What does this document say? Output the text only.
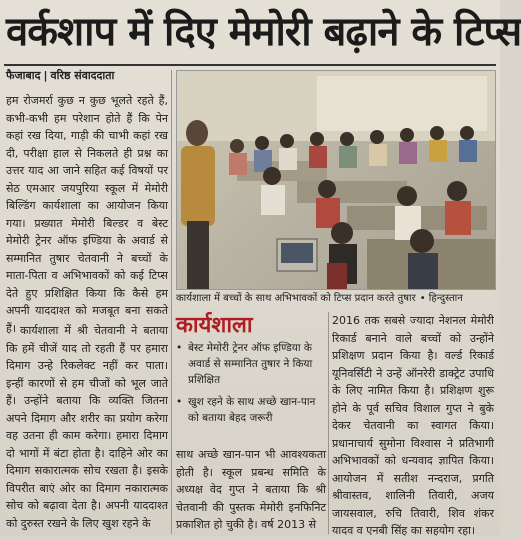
वर्कशाप में दिए मेमोरी बढ़ाने के टिप्स
फैजाबाद | वरिष्ठ संवाददाता

हम रोजमर्रा कुछ न कुछ भूलते रहते हैं, कभी-कभी हम परेशान होते हैं कि पेन कहां रख दिया, गाड़ी की चाभी कहां रख दी, परीक्षा हाल से निकलते ही प्रश्न का उत्तर याद आ जाने सहित कई विषयों पर सेठ एमआर जयपुरिया स्कूल में मेमोरी बिल्डिंग कार्यशाला का आयोजन किया गया। प्रख्यात मेमोरी बिल्डर व बेस्ट मेमोरी ट्रेनर ऑफ इण्डिया के अवार्ड से सम्मानित तुषार चेतवानी ने बच्चों के माता-पिता व अभिभावकों को कई टिप्स देते हुए प्रशिक्षित किया कि कैसे हम अपनी याददाश्त को मजबूत बना सकते हैं। कार्यशाला में श्री चेतवानी ने बताया कि हमें चीजें याद तो रहती हैं पर हमारा दिमाग उन्हे रिकलेक्ट नहीं कर पाता। इन्हीं कारणों से हम चीजों को भूल जाते हैं। उन्होंने बताया कि व्यक्ति जितना अपने दिमाग और शरीर का प्रयोग करेगा वह उतना ही काम करेगा। हमारा दिमाग दो भागों में बंटा होता है। दाहिने ओर का दिमाग सकारात्मक सोच रखता है। इसके विपरीत बाएं ओर का दिमाग नकारात्मक सोच को बढ़ावा देता है। अपनी याददाश्त को दुरुस्त रखने के लिए खुश रहने के

कार्यशाला में बच्चों के साथ अभिभावकों को टिप्स प्रदान करते तुषार • हिन्दुस्तान
कार्यशाला
• बेस्ट मेमोरी ट्रेनर ऑफ इण्डिया के अवार्ड से सम्मानित तुषार ने किया प्रशिक्षित
• खुश रहने के साथ अच्छे खान-पान को बताया बेहद जरूरी

साथ अच्छे खान-पान भी आवश्यकता होती है। स्कूल प्रबन्ध समिति के अध्यक्ष वेद गुप्त ने बताया कि श्री चेतवानी की पुस्तक मेमोरी इनफिनिट प्रकाशित हो चुकी है। वर्ष 2013 से

2016 तक सबसे ज्यादा नेशनल मेमोरी रिकार्ड बनाने वाले बच्चों को उन्होंने प्रशिक्षण प्रदान किया है। वर्ल्ड रिकार्ड यूनिवर्सिटी ने उन्हें ऑनरेरी डाक्ट्रेट उपाधि के लिए नामित किया है। प्रशिक्षण शुरू होने के पूर्व सचिव विशाल गुप्त ने बुके देकर चेतवानी का स्वागत किया। प्रधानाचार्य सुमोना विश्वास ने प्रतिभागी अभिभावकों को धन्यवाद ज्ञापित किया। आयोजन में सतीश नन्दराज, प्रगति श्रीवास्तव, शालिनी तिवारी, अजय जायसवाल, रुचि तिवारी, शिव शंकर यादव व एनबी सिंह का सहयोग रहा।
